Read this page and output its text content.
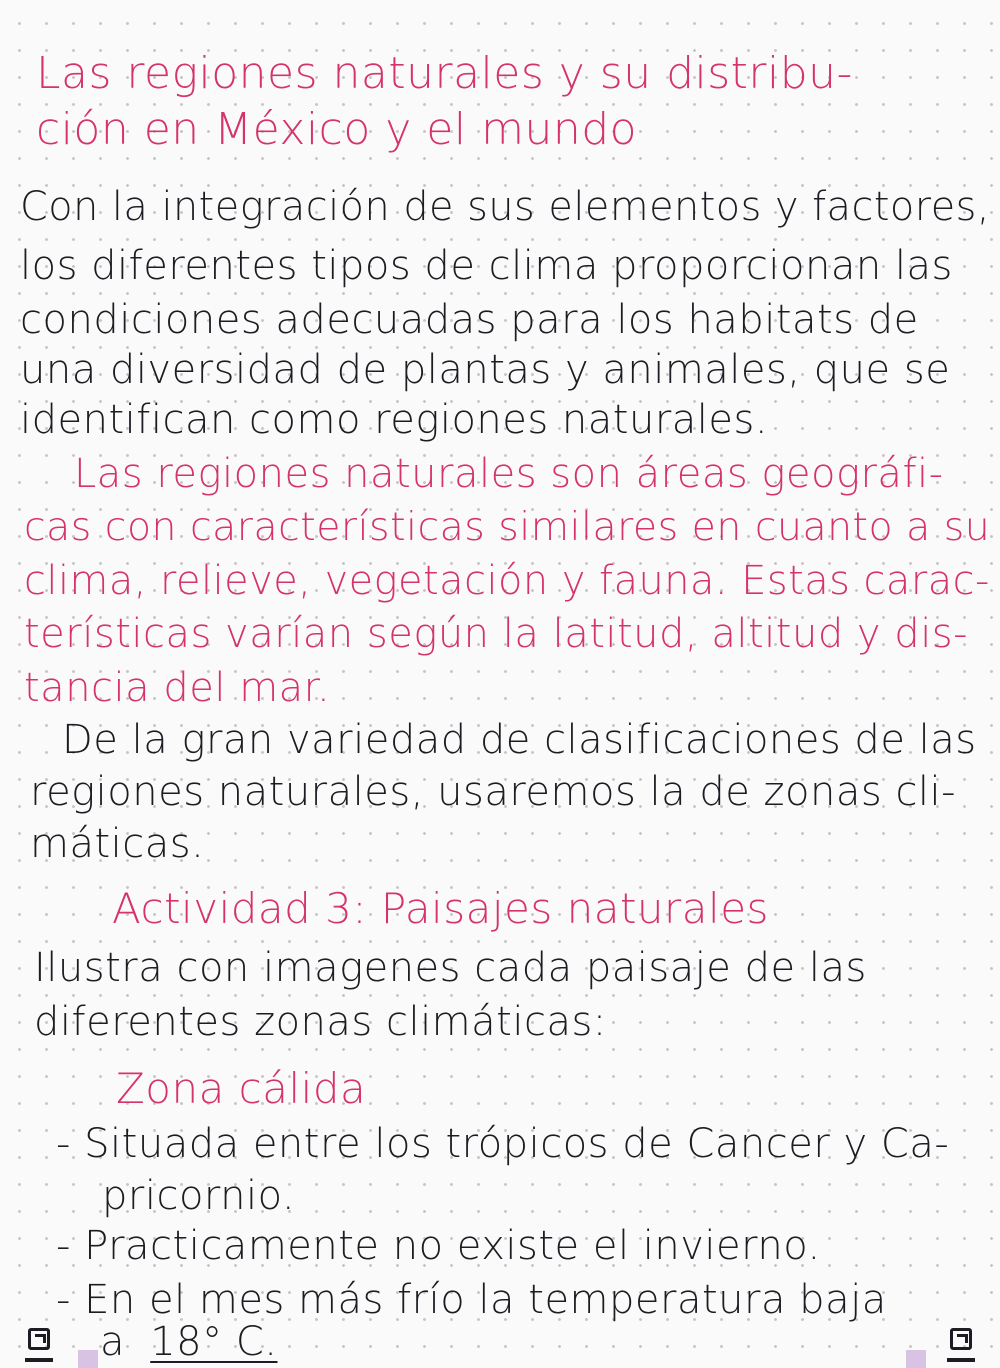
Las regiones naturales y su distribu-
ción en México y el mundo
Con la integración de sus elementos y factores,
los diferentes tipos de clima proporcionan las
condiciones adecuadas para los habitats de
una diversidad de plantas y animales, que se
identifican como regiones naturales.
Las regiones naturales son áreas geográfi-
cas con características similares en cuanto a su
clima, relieve, vegetación y fauna. Estas carac-
terísticas varían según la latitud, altitud y dis-
tancia del mar.
De la gran variedad de clasificaciones de las
regiones naturales, usaremos la de zonas cli-
máticas.
Actividad 3: Paisajes naturales
Ilustra con imagenes cada paisaje de las
diferentes zonas climáticas:
Zona cálida
- Situada entre los trópicos de Cancer y Ca-
pricornio.
- Practicamente no existe el invierno.
- En el mes más frío la temperatura baja
a 18° C.
